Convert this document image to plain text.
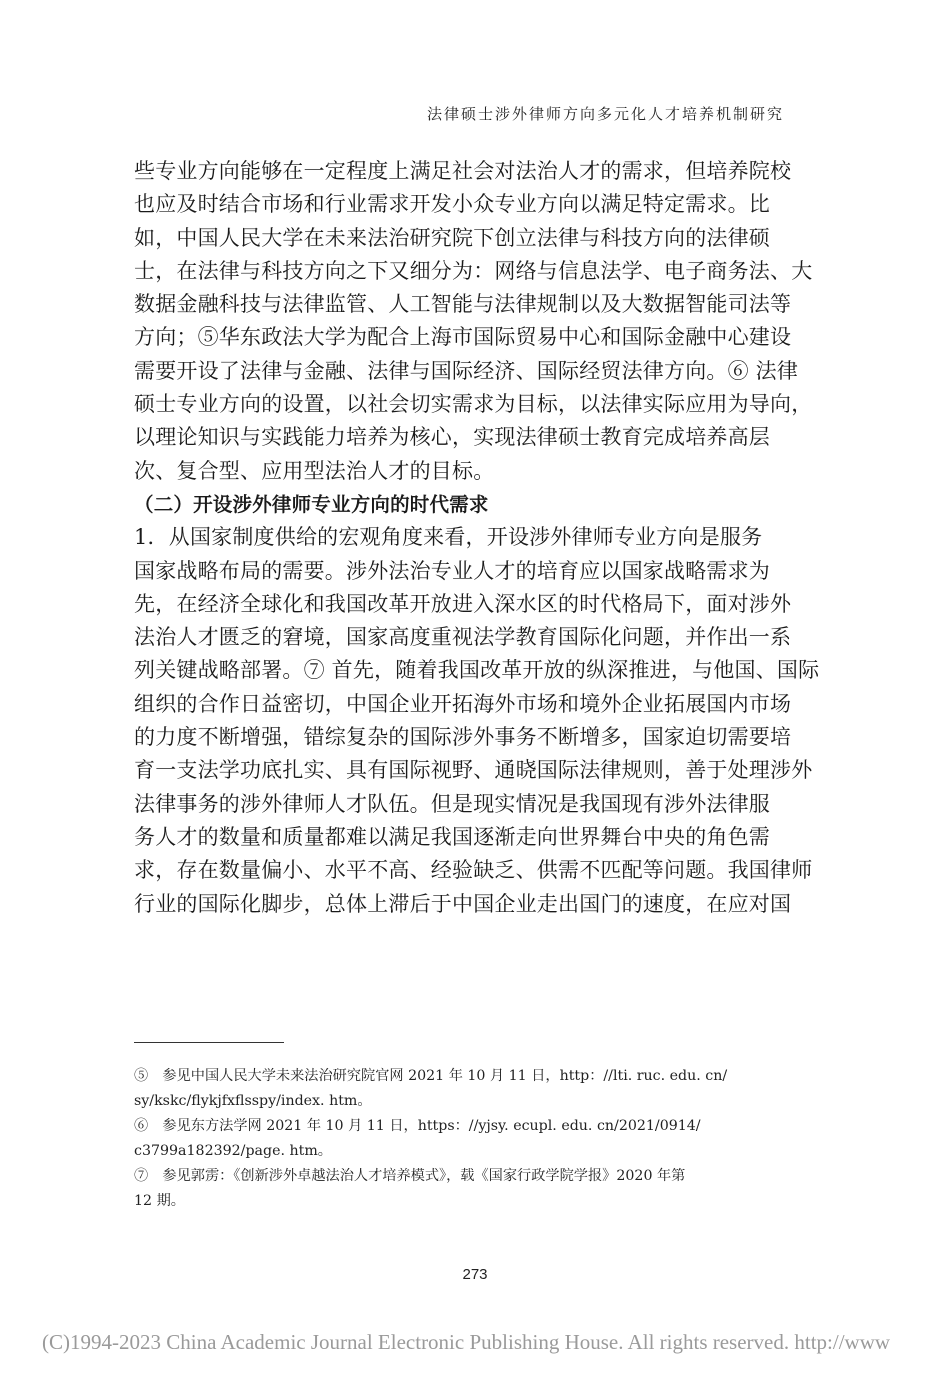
法律硕士涉外律师方向多元化人才培养机制研究
些专业方向能够在一定程度上满足社会对法治人才的需求，但培养院校
也应及时结合市场和行业需求开发小众专业方向以满足特定需求。比
如，中国人民大学在未来法治研究院下创立法律与科技方向的法律硕
士，在法律与科技方向之下又细分为：网络与信息法学、电子商务法、大
数据金融科技与法律监管、人工智能与法律规制以及大数据智能司法等
方向；⑤华东政法大学为配合上海市国际贸易中心和国际金融中心建设
需要开设了法律与金融、法律与国际经济、国际经贸法律方向。⑥ 法律
硕士专业方向的设置，以社会切实需求为目标，以法律实际应用为导向，
以理论知识与实践能力培养为核心，实现法律硕士教育完成培养高层
次、复合型、应用型法治人才的目标。
（二）开设涉外律师专业方向的时代需求
1．从国家制度供给的宏观角度来看，开设涉外律师专业方向是服务
国家战略布局的需要。涉外法治专业人才的培育应以国家战略需求为
先，在经济全球化和我国改革开放进入深水区的时代格局下，面对涉外
法治人才匮乏的窘境，国家高度重视法学教育国际化问题，并作出一系
列关键战略部署。⑦ 首先，随着我国改革开放的纵深推进，与他国、国际
组织的合作日益密切，中国企业开拓海外市场和境外企业拓展国内市场
的力度不断增强，错综复杂的国际涉外事务不断增多，国家迫切需要培
育一支法学功底扎实、具有国际视野、通晓国际法律规则，善于处理涉外
法律事务的涉外律师人才队伍。但是现实情况是我国现有涉外法律服
务人才的数量和质量都难以满足我国逐渐走向世界舞台中央的角色需
求，存在数量偏小、水平不高、经验缺乏、供需不匹配等问题。我国律师
行业的国际化脚步，总体上滞后于中国企业走出国门的速度，在应对国
⑤　参见中国人民大学未来法治研究院官网 2021 年 10 月 11 日，http：//lti. ruc. edu. cn/
sy/kskc/flykjfxflsspy/index. htm。
⑥　参见东方法学网 2021 年 10 月 11 日，https：//yjsy. ecupl. edu. cn/2021/0914/
c3799a182392/page. htm。
⑦　参见郭雳：《创新涉外卓越法治人才培养模式》，载《国家行政学院学报》2020 年第
12 期。
273
(C)1994-2023 China Academic Journal Electronic Publishing House. All rights reserved. http://www
